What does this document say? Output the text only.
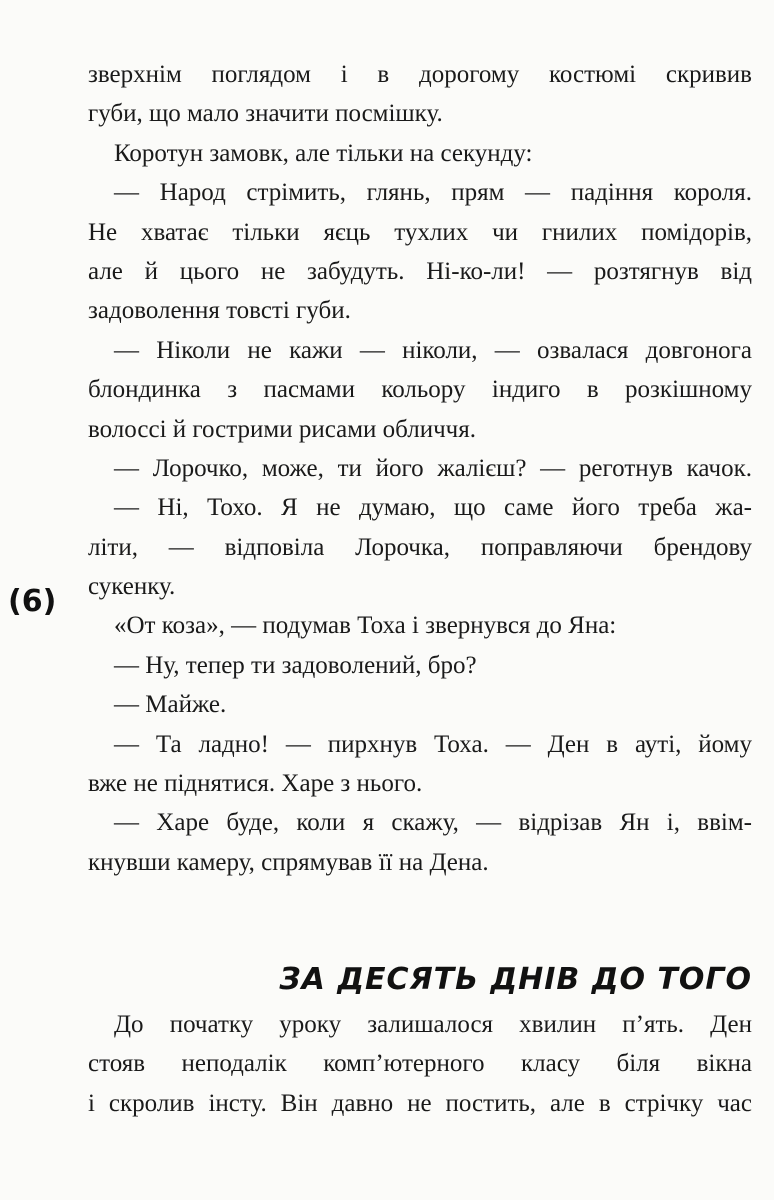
зверхнім поглядом і в дорогому костюмі скривив
губи, що мало значити посмішку.
Коротун замовк, але тільки на секунду:
— Народ стрімить, глянь, прям — падіння короля.
Не хватає тільки яєць тухлих чи гнилих помідорів,
але й цього не забудуть. Ні-ко-ли! — розтягнув від
задоволення товсті губи.
— Ніколи не кажи — ніколи, — озвалася довгонога
блондинка з пасмами кольору індиго в розкішному
волоссі й гострими рисами обличчя.
— Лорочко, може, ти його жалієш? — реготнув качок.
— Ні, Тохо. Я не думаю, що саме його треба жа-
літи, — відповіла Лорочка, поправляючи брендову
сукенку.
«От коза», — подумав Тоха і звернувся до Яна:
— Ну, тепер ти задоволений, бро?
— Майже.
— Та ладно! — пирхнув Тоха. — Ден в ауті, йому
вже не піднятися. Харе з нього.
— Харе буде, коли я скажу, — відрізав Ян і, ввім-
кнувши камеру, спрямував її на Дена.
(6)
ЗА ДЕСЯТЬ ДНІВ ДО ТОГО
До початку уроку залишалося хвилин п’ять. Ден
стояв неподалік комп’ютерного класу біля вікна
і скролив інсту. Він давно не постить, але в стрічку час
